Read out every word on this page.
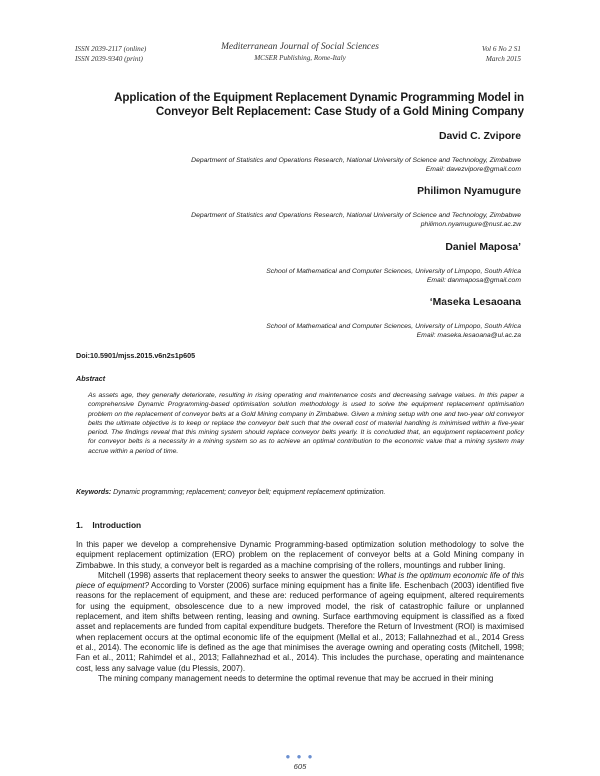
ISSN 2039-2117 (online)
ISSN 2039-9340 (print)
Mediterranean Journal of Social Sciences
MCSER Publishing, Rome-Italy
Vol 6 No 2 S1
March 2015
Application of the Equipment Replacement Dynamic Programming Model in
Conveyor Belt Replacement: Case Study of a Gold Mining Company
David C. Zvipore
Department of Statistics and Operations Research, National University of Science and Technology, Zimbabwe
Email: davezvipore@gmail.com
Philimon Nyamugure
Department of Statistics and Operations Research, National University of Science and Technology, Zimbabwe
philimon.nyamugure@nust.ac.zw
Daniel Maposa’
School of Mathematical and Computer Sciences, University of Limpopo, South Africa
Email: danmaposa@gmail.com
‘Maseka Lesaoana
School of Mathematical and Computer Sciences, University of Limpopo, South Africa
Email: maseka.lesaoana@ul.ac.za
Doi:10.5901/mjss.2015.v6n2s1p605
Abstract
As assets age, they generally deteriorate, resulting in rising operating and maintenance costs and decreasing salvage values. In this paper a comprehensive Dynamic Programming-based optimisation solution methodology is used to solve the equipment replacement optimisation problem on the replacement of conveyor belts at a Gold Mining company in Zimbabwe. Given a mining setup with one and two-year old conveyor belts the ultimate objective is to keep or replace the conveyor belt such that the overall cost of material handling is minimised within a five-year period. The findings reveal that this mining system should replace conveyor belts yearly. It is concluded that, an equipment replacement policy for conveyor belts is a necessity in a mining system so as to achieve an optimal contribution to the economic value that a mining system may accrue within a period of time.
Keywords: Dynamic programming; replacement; conveyor belt; equipment replacement optimization.
1. Introduction

In this paper we develop a comprehensive Dynamic Programming-based optimization solution methodology to solve the equipment replacement optimization (ERO) problem on the replacement of conveyor belts at a Gold Mining company in Zimbabwe. In this study, a conveyor belt is regarded as a machine comprising of the rollers, mountings and rubber lining.

Mitchell (1998) asserts that replacement theory seeks to answer the question: What is the optimum economic life of this piece of equipment? According to Vorster (2006) surface mining equipment has a finite life. Eschenbach (2003) identified five reasons for the replacement of equipment, and these are: reduced performance of ageing equipment, altered requirements for using the equipment, obsolescence due to a new improved model, the risk of catastrophic failure or unplanned replacement, and item shifts between renting, leasing and owning. Surface earthmoving equipment is classified as a fixed asset and replacements are funded from capital expenditure budgets. Therefore the Return of Investment (ROI) is maximised when replacement occurs at the optimal economic life of the equipment (Mellal et al., 2013; Fallahnezhad et al., 2014 Gress et al., 2014). The economic life is defined as the age that minimises the average owning and operating costs (Mitchell, 1998; Fan et al., 2011; Rahimdel et al., 2013; Fallahnezhad et al., 2014). This includes the purchase, operating and maintenance cost, less any salvage value (du Plessis, 2007).

The mining company management needs to determine the optimal revenue that may be accrued in their mining

● ● ●
605
